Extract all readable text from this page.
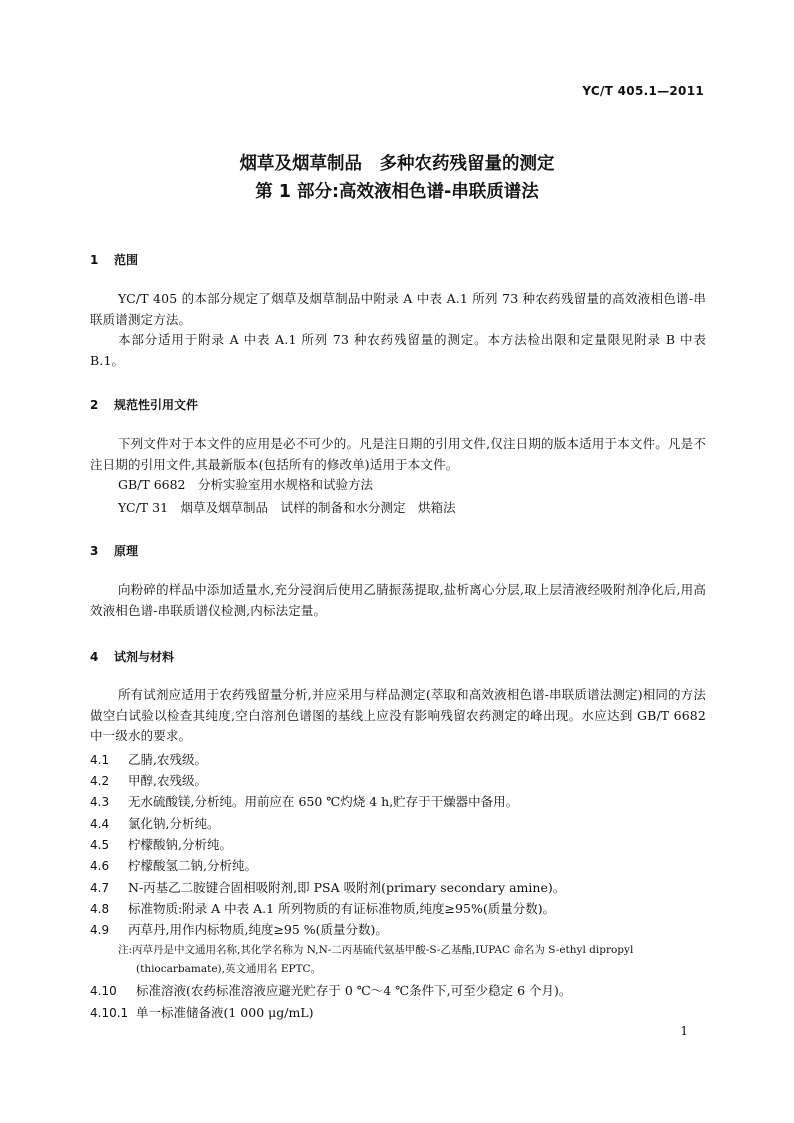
YC/T 405.1—2011
烟草及烟草制品　多种农药残留量的测定
第 1 部分:高效液相色谱-串联质谱法
1 范围
YC/T 405 的本部分规定了烟草及烟草制品中附录 A 中表 A.1 所列 73 种农药残留量的高效液相色谱-串联质谱测定方法。
本部分适用于附录 A 中表 A.1 所列 73 种农药残留量的测定。本方法检出限和定量限见附录 B 中表 B.1。
2 规范性引用文件
下列文件对于本文件的应用是必不可少的。凡是注日期的引用文件,仅注日期的版本适用于本文件。凡是不注日期的引用文件,其最新版本(包括所有的修改单)适用于本文件。
GB/T 6682　分析实验室用水规格和试验方法
YC/T 31　烟草及烟草制品　试样的制备和水分测定　烘箱法
3 原理
向粉碎的样品中添加适量水,充分浸润后使用乙腈振荡提取,盐析离心分层,取上层清液经吸附剂净化后,用高效液相色谱-串联质谱仪检测,内标法定量。
4 试剂与材料
所有试剂应适用于农药残留量分析,并应采用与样品测定(萃取和高效液相色谱-串联质谱法测定)相同的方法做空白试验以检查其纯度,空白溶剂色谱图的基线上应没有影响残留农药测定的峰出现。水应达到 GB/T 6682 中一级水的要求。
4.1 乙腈,农残级。
4.2 甲醇,农残级。
4.3 无水硫酸镁,分析纯。用前应在 650 ℃灼烧 4 h,贮存于干燥器中备用。
4.4 氯化钠,分析纯。
4.5 柠檬酸钠,分析纯。
4.6 柠檬酸氢二钠,分析纯。
4.7 N-丙基乙二胺键合固相吸附剂,即 PSA 吸附剂(primary secondary amine)。
4.8 标准物质:附录 A 中表 A.1 所列物质的有证标准物质,纯度≥95%(质量分数)。
4.9 丙草丹,用作内标物质,纯度≥95 %(质量分数)。
注:丙草丹是中文通用名称,其化学名称为 N,N-二丙基硫代氨基甲酸-S-乙基酯,IUPAC 命名为 S-ethyl dipropyl
(thiocarbamate),英文通用名 EPTC。
4.10 标准溶液(农药标准溶液应避光贮存于 0 ℃～4 ℃条件下,可至少稳定 6 个月)。
4.10.1 单一标准储备液(1 000 μg/mL)
1
